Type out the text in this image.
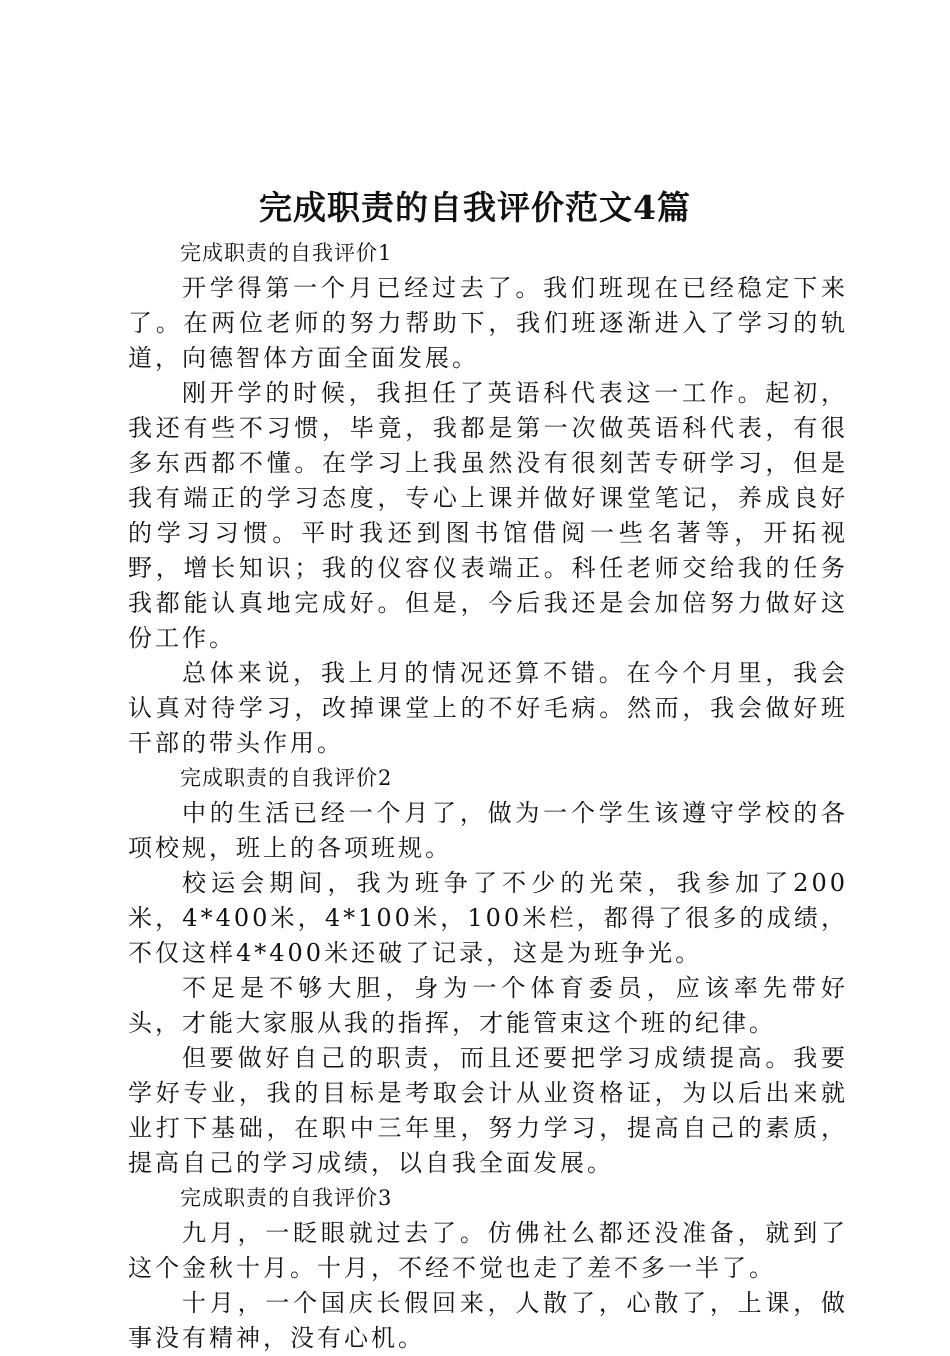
完成职责的自我评价范文4篇

完成职责的自我评价1

开学得第一个月已经过去了。我们班现在已经稳定下来了。在两位老师的努力帮助下，我们班逐渐进入了学习的轨道，向德智体方面全面发展。

刚开学的时候，我担任了英语科代表这一工作。起初，我还有些不习惯，毕竟，我都是第一次做英语科代表，有很多东西都不懂。在学习上我虽然没有很刻苦专研学习，但是我有端正的学习态度，专心上课并做好课堂笔记，养成良好的学习习惯。平时我还到图书馆借阅一些名著等，开拓视野，增长知识；我的仪容仪表端正。科任老师交给我的任务我都能认真地完成好。但是，今后我还是会加倍努力做好这份工作。

总体来说，我上月的情况还算不错。在今个月里，我会认真对待学习，改掉课堂上的不好毛病。然而，我会做好班干部的带头作用。

完成职责的自我评价2

中的生活已经一个月了，做为一个学生该遵守学校的各项校规，班上的各项班规。

校运会期间，我为班争了不少的光荣，我参加了200米，4*400米，4*100米，100米栏，都得了很多的成绩，不仅这样4*400米还破了记录，这是为班争光。

不足是不够大胆，身为一个体育委员，应该率先带好头，才能大家服从我的指挥，才能管束这个班的纪律。

但要做好自己的职责，而且还要把学习成绩提高。我要学好专业，我的目标是考取会计从业资格证，为以后出来就业打下基础，在职中三年里，努力学习，提高自己的素质，提高自己的学习成绩，以自我全面发展。

完成职责的自我评价3

九月，一眨眼就过去了。仿佛社么都还没准备，就到了这个金秋十月。十月，不经不觉也走了差不多一半了。

十月，一个国庆长假回来，人散了，心散了，上课，做事没有精神，没有心机。
